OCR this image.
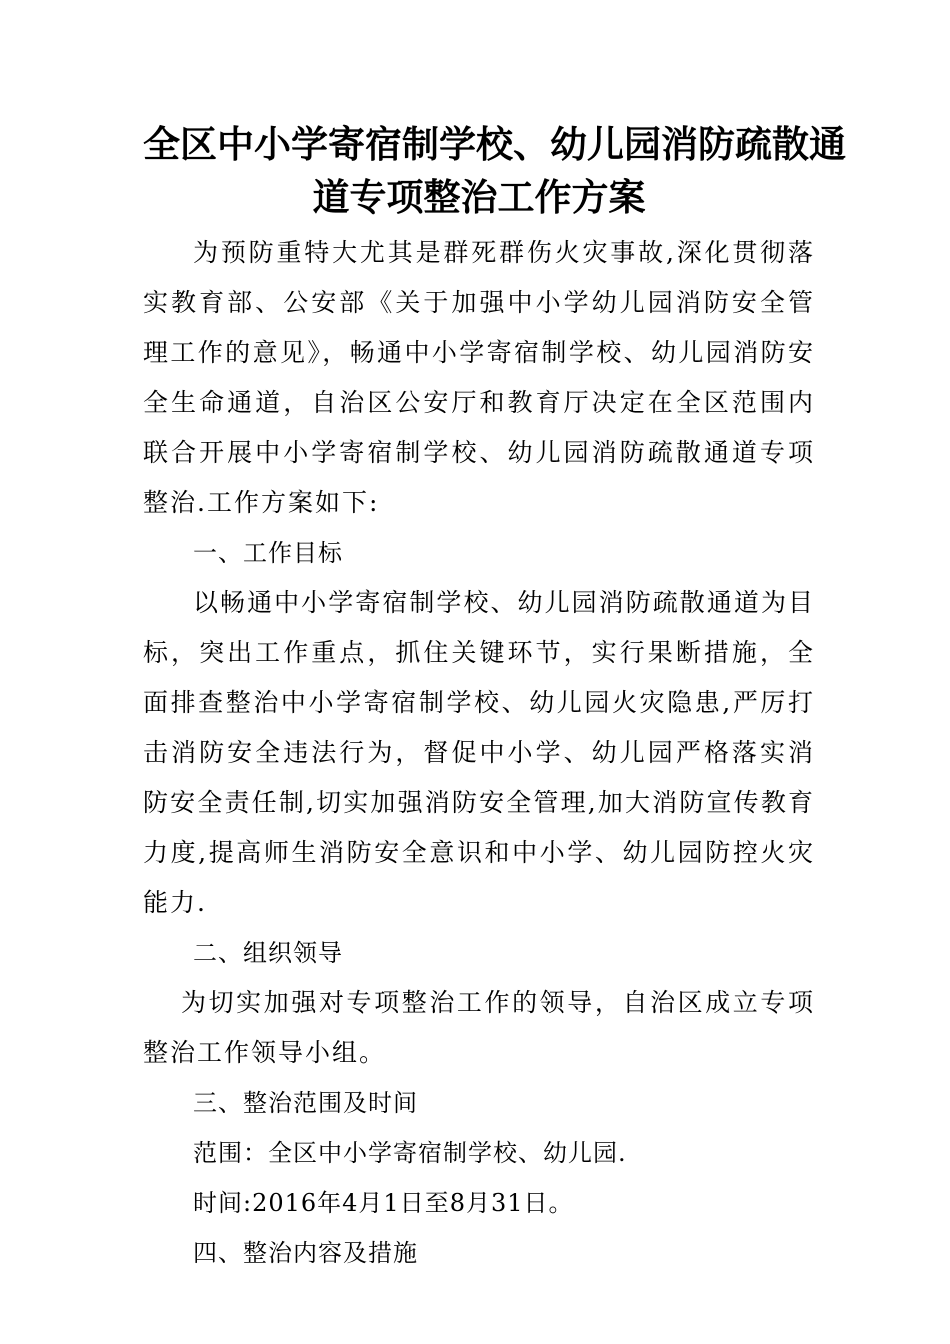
全区中小学寄宿制学校、幼儿园消防疏散通
道专项整治工作方案

为预防重特大尤其是群死群伤火灾事故,深化贯彻落实教育部、公安部《关于加强中小学幼儿园消防安全管理工作的意见》，畅通中小学寄宿制学校、幼儿园消防安全生命通道，自治区公安厅和教育厅决定在全区范围内联合开展中小学寄宿制学校、幼儿园消防疏散通道专项整治.工作方案如下:

一、工作目标

以畅通中小学寄宿制学校、幼儿园消防疏散通道为目标，突出工作重点，抓住关键环节，实行果断措施，全面排查整治中小学寄宿制学校、幼儿园火灾隐患,严厉打击消防安全违法行为，督促中小学、幼儿园严格落实消防安全责任制,切实加强消防安全管理,加大消防宣传教育力度,提高师生消防安全意识和中小学、幼儿园防控火灾能力.

二、组织领导

为切实加强对专项整治工作的领导，自治区成立专项整治工作领导小组。

三、整治范围及时间

范围：全区中小学寄宿制学校、幼儿园.

时间:2016年4月1日至8月31日。

四、整治内容及措施
